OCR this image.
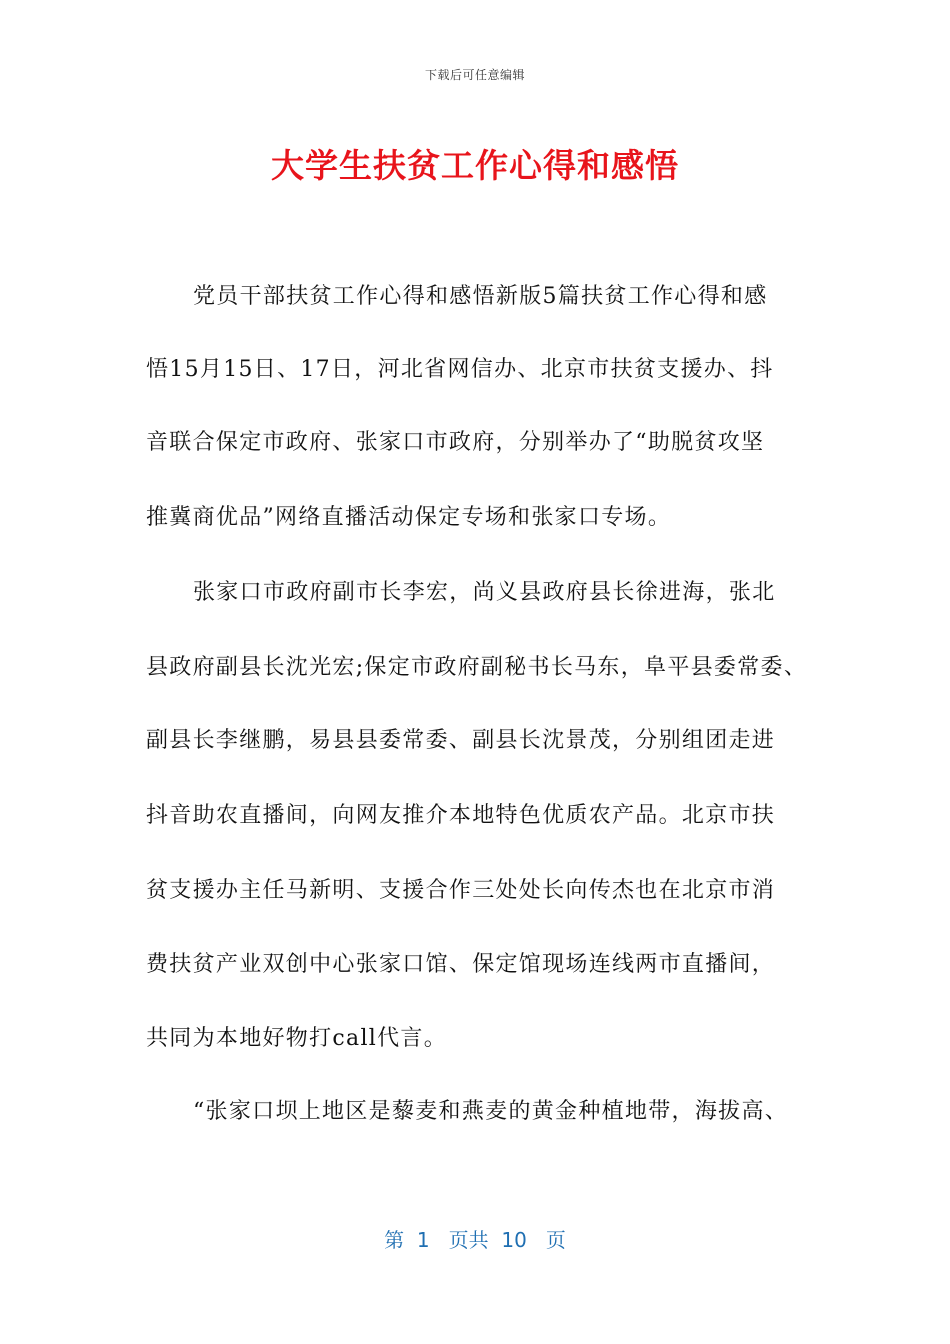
下载后可任意编辑
大学生扶贫工作心得和感悟
党员干部扶贫工作心得和感悟新版5篇扶贫工作心得和感
悟15月15日、17日，河北省网信办、北京市扶贫支援办、抖
音联合保定市政府、张家口市政府，分别举办了“助脱贫攻坚
推冀商优品”网络直播活动保定专场和张家口专场。
张家口市政府副市长李宏，尚义县政府县长徐进海，张北
县政府副县长沈光宏;保定市政府副秘书长马东，阜平县委常委、
副县长李继鹏，易县县委常委、副县长沈景茂，分别组团走进
抖音助农直播间，向网友推介本地特色优质农产品。北京市扶
贫支援办主任马新明、支援合作三处处长向传杰也在北京市消
费扶贫产业双创中心张家口馆、保定馆现场连线两市直播间，
共同为本地好物打call代言。
“张家口坝上地区是藜麦和燕麦的黄金种植地带，海拔高、
第  1   页共  10   页
